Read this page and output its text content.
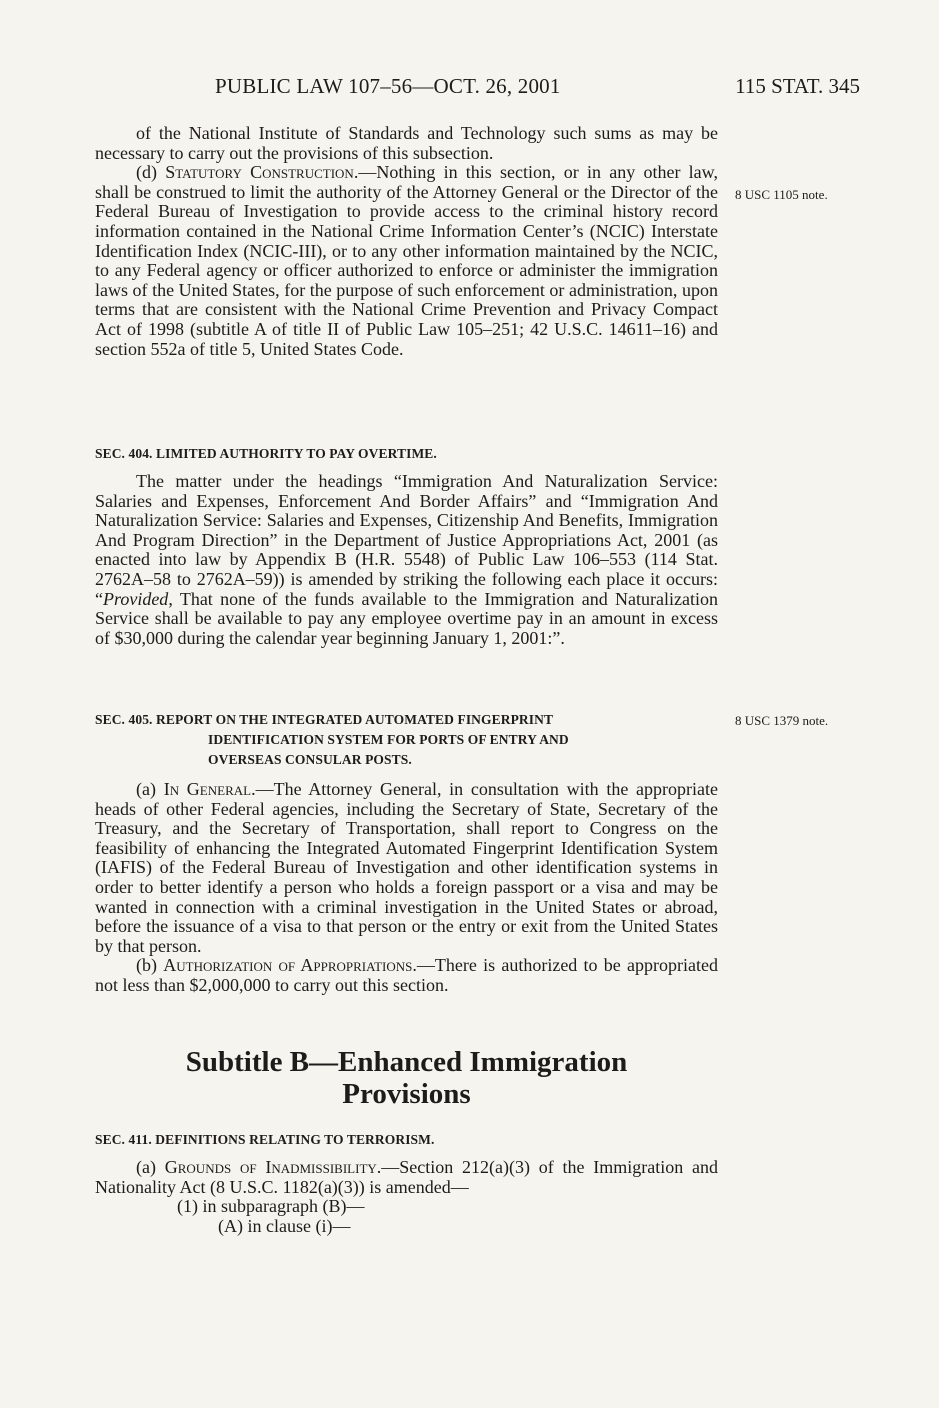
PUBLIC LAW 107–56—OCT. 26, 2001	115 STAT. 345

of the National Institute of Standards and Technology such sums as may be necessary to carry out the provisions of this subsection.

(d) Statutory Construction.—Nothing in this section, or in any other law, shall be construed to limit the authority of the Attorney General or the Director of the Federal Bureau of Investigation to provide access to the criminal history record information contained in the National Crime Information Center’s (NCIC) Interstate Identification Index (NCIC-III), or to any other information maintained by the NCIC, to any Federal agency or officer authorized to enforce or administer the immigration laws of the United States, for the purpose of such enforcement or administration, upon terms that are consistent with the National Crime Prevention and Privacy Compact Act of 1998 (subtitle A of title II of Public Law 105–251; 42 U.S.C. 14611–16) and section 552a of title 5, United States Code.

8 USC 1105 note.

SEC. 404. LIMITED AUTHORITY TO PAY OVERTIME.

The matter under the headings “Immigration And Naturalization Service: Salaries and Expenses, Enforcement And Border Affairs” and “Immigration And Naturalization Service: Salaries and Expenses, Citizenship And Benefits, Immigration And Program Direction” in the Department of Justice Appropriations Act, 2001 (as enacted into law by Appendix B (H.R. 5548) of Public Law 106–553 (114 Stat. 2762A–58 to 2762A–59)) is amended by striking the following each place it occurs: “Provided, That none of the funds available to the Immigration and Naturalization Service shall be available to pay any employee overtime pay in an amount in excess of $30,000 during the calendar year beginning January 1, 2001:”.

SEC. 405. REPORT ON THE INTEGRATED AUTOMATED FINGERPRINT

IDENTIFICATION SYSTEM FOR PORTS OF ENTRY AND

OVERSEAS CONSULAR POSTS.

(a) In General.—The Attorney General, in consultation with the appropriate heads of other Federal agencies, including the Secretary of State, Secretary of the Treasury, and the Secretary of Transportation, shall report to Congress on the feasibility of enhancing the Integrated Automated Fingerprint Identification System (IAFIS) of the Federal Bureau of Investigation and other identification systems in order to better identify a person who holds a foreign passport or a visa and may be wanted in connection with a criminal investigation in the United States or abroad, before the issuance of a visa to that person or the entry or exit from the United States by that person.

(b) Authorization of Appropriations.—There is authorized to be appropriated not less than $2,000,000 to carry out this section.

8 USC 1379 note.
Subtitle B—Enhanced Immigration
Provisions

SEC. 411. DEFINITIONS RELATING TO TERRORISM.

(a) Grounds of Inadmissibility.—Section 212(a)(3) of the Immigration and Nationality Act (8 U.S.C. 1182(a)(3)) is amended—

(1) in subparagraph (B)—

(A) in clause (i)—
